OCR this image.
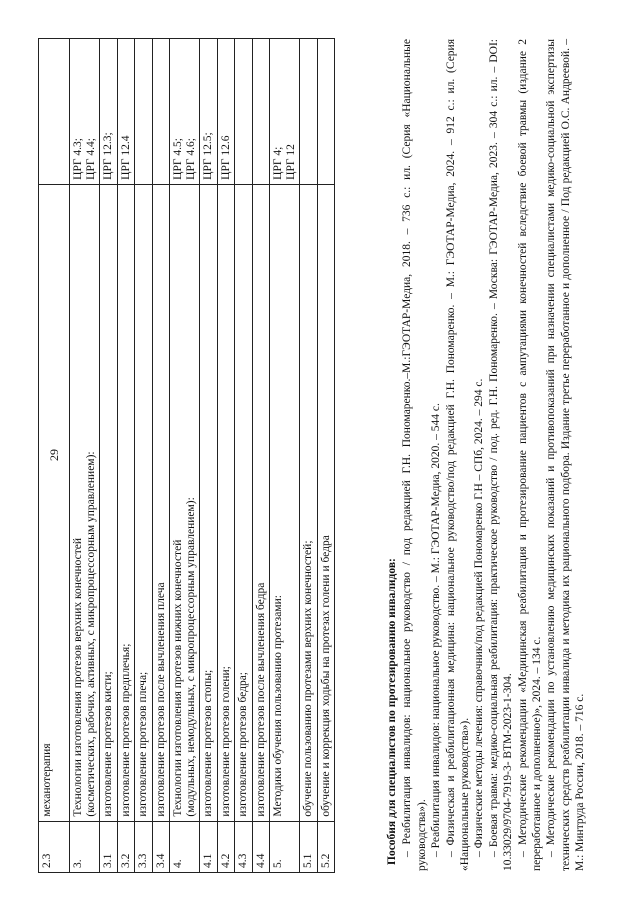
29
2.3	механотерапия	

3.	Технологии изготовления протезов верхних конечностей (косметических, рабочих, активных, с микропроцессорным управлением):	ЦРГ 4.3; ЦРГ 4.4;

3.1	изготовление протезов кисти;	ЦРГ 12.3;

3.2	изготовление протезов предплечья;	ЦРГ 12.4

3.3	изготовление протезов плеча;	

3.4	изготовление протезов после вычленения плеча	

4.	Технологии изготовления протезов нижних конечностей (модульных, немодульных, с микропроцессорным управлением):	ЦРГ 4.5; ЦРГ 4.6;

4.1	изготовление протезов стопы;	ЦРГ 12.5;

4.2	изготовление протезов голени;	ЦРГ 12.6

4.3	изготовление протезов бедра;	

4.4	изготовление протезов после вычленения бедра	

5.	Методики обучения пользованию протезами:	ЦРГ 4; ЦРГ 12

5.1	обучение пользованию протезами верхних конечностей;	

5.2	обучение и коррекция ходьбы на протезах голени и бедра	
		Пособия для специалистов по протезированию инвалидов: – Реабилитация инвалидов: национальное руководство / под редакцией Г.Н. Пономаренко.–М.:ГЭОТАР-Медиа, 2018. – 736 с.: ил. (Серия «Национальные руководства»). – Реабилитация инвалидов: национальное руководство. – М.: ГЭОТАР-Медиа, 2020. – 544 с. – Физическая и реабилитационная медицина: национальное руководство/под редакцией Г.Н. Пономаренко. – М.: ГЭОТАР-Медиа, 2024. – 912 с.: ил. (Серия «Национальные руководства»). – Физические методы лечения: справочник/под редакцией Пономаренко Г.Н – СПб, 2024. – 294 с. – Боевая травма: медико-социальная реабилитация: практическое руководство / под. ред. Г.Н. Пономаренко. – Москва: ГЭОТАР-Медиа, 2023. – 304 с.: ил. – DOI: 10.33029/9704-7919-3- BTM-2023-1-304. – Методические рекомендации «Медицинская реабилитация и протезирование пациентов с ампутациями конечностей вследствие боевой травмы (издание 2 переработанное и дополненное)», 2024. – 134 с. – Методические рекомендации по установлению медицинских показаний и противопоказаний при назначении специалистами медико-социальной экспертизы технических средств реабилитации инвалида и методика их рационального подбора. Издание третье переработанное и дополненное / Под редакцией О.С. Андреевой. – М.: Минтруда России, 2018. – 716 с.
